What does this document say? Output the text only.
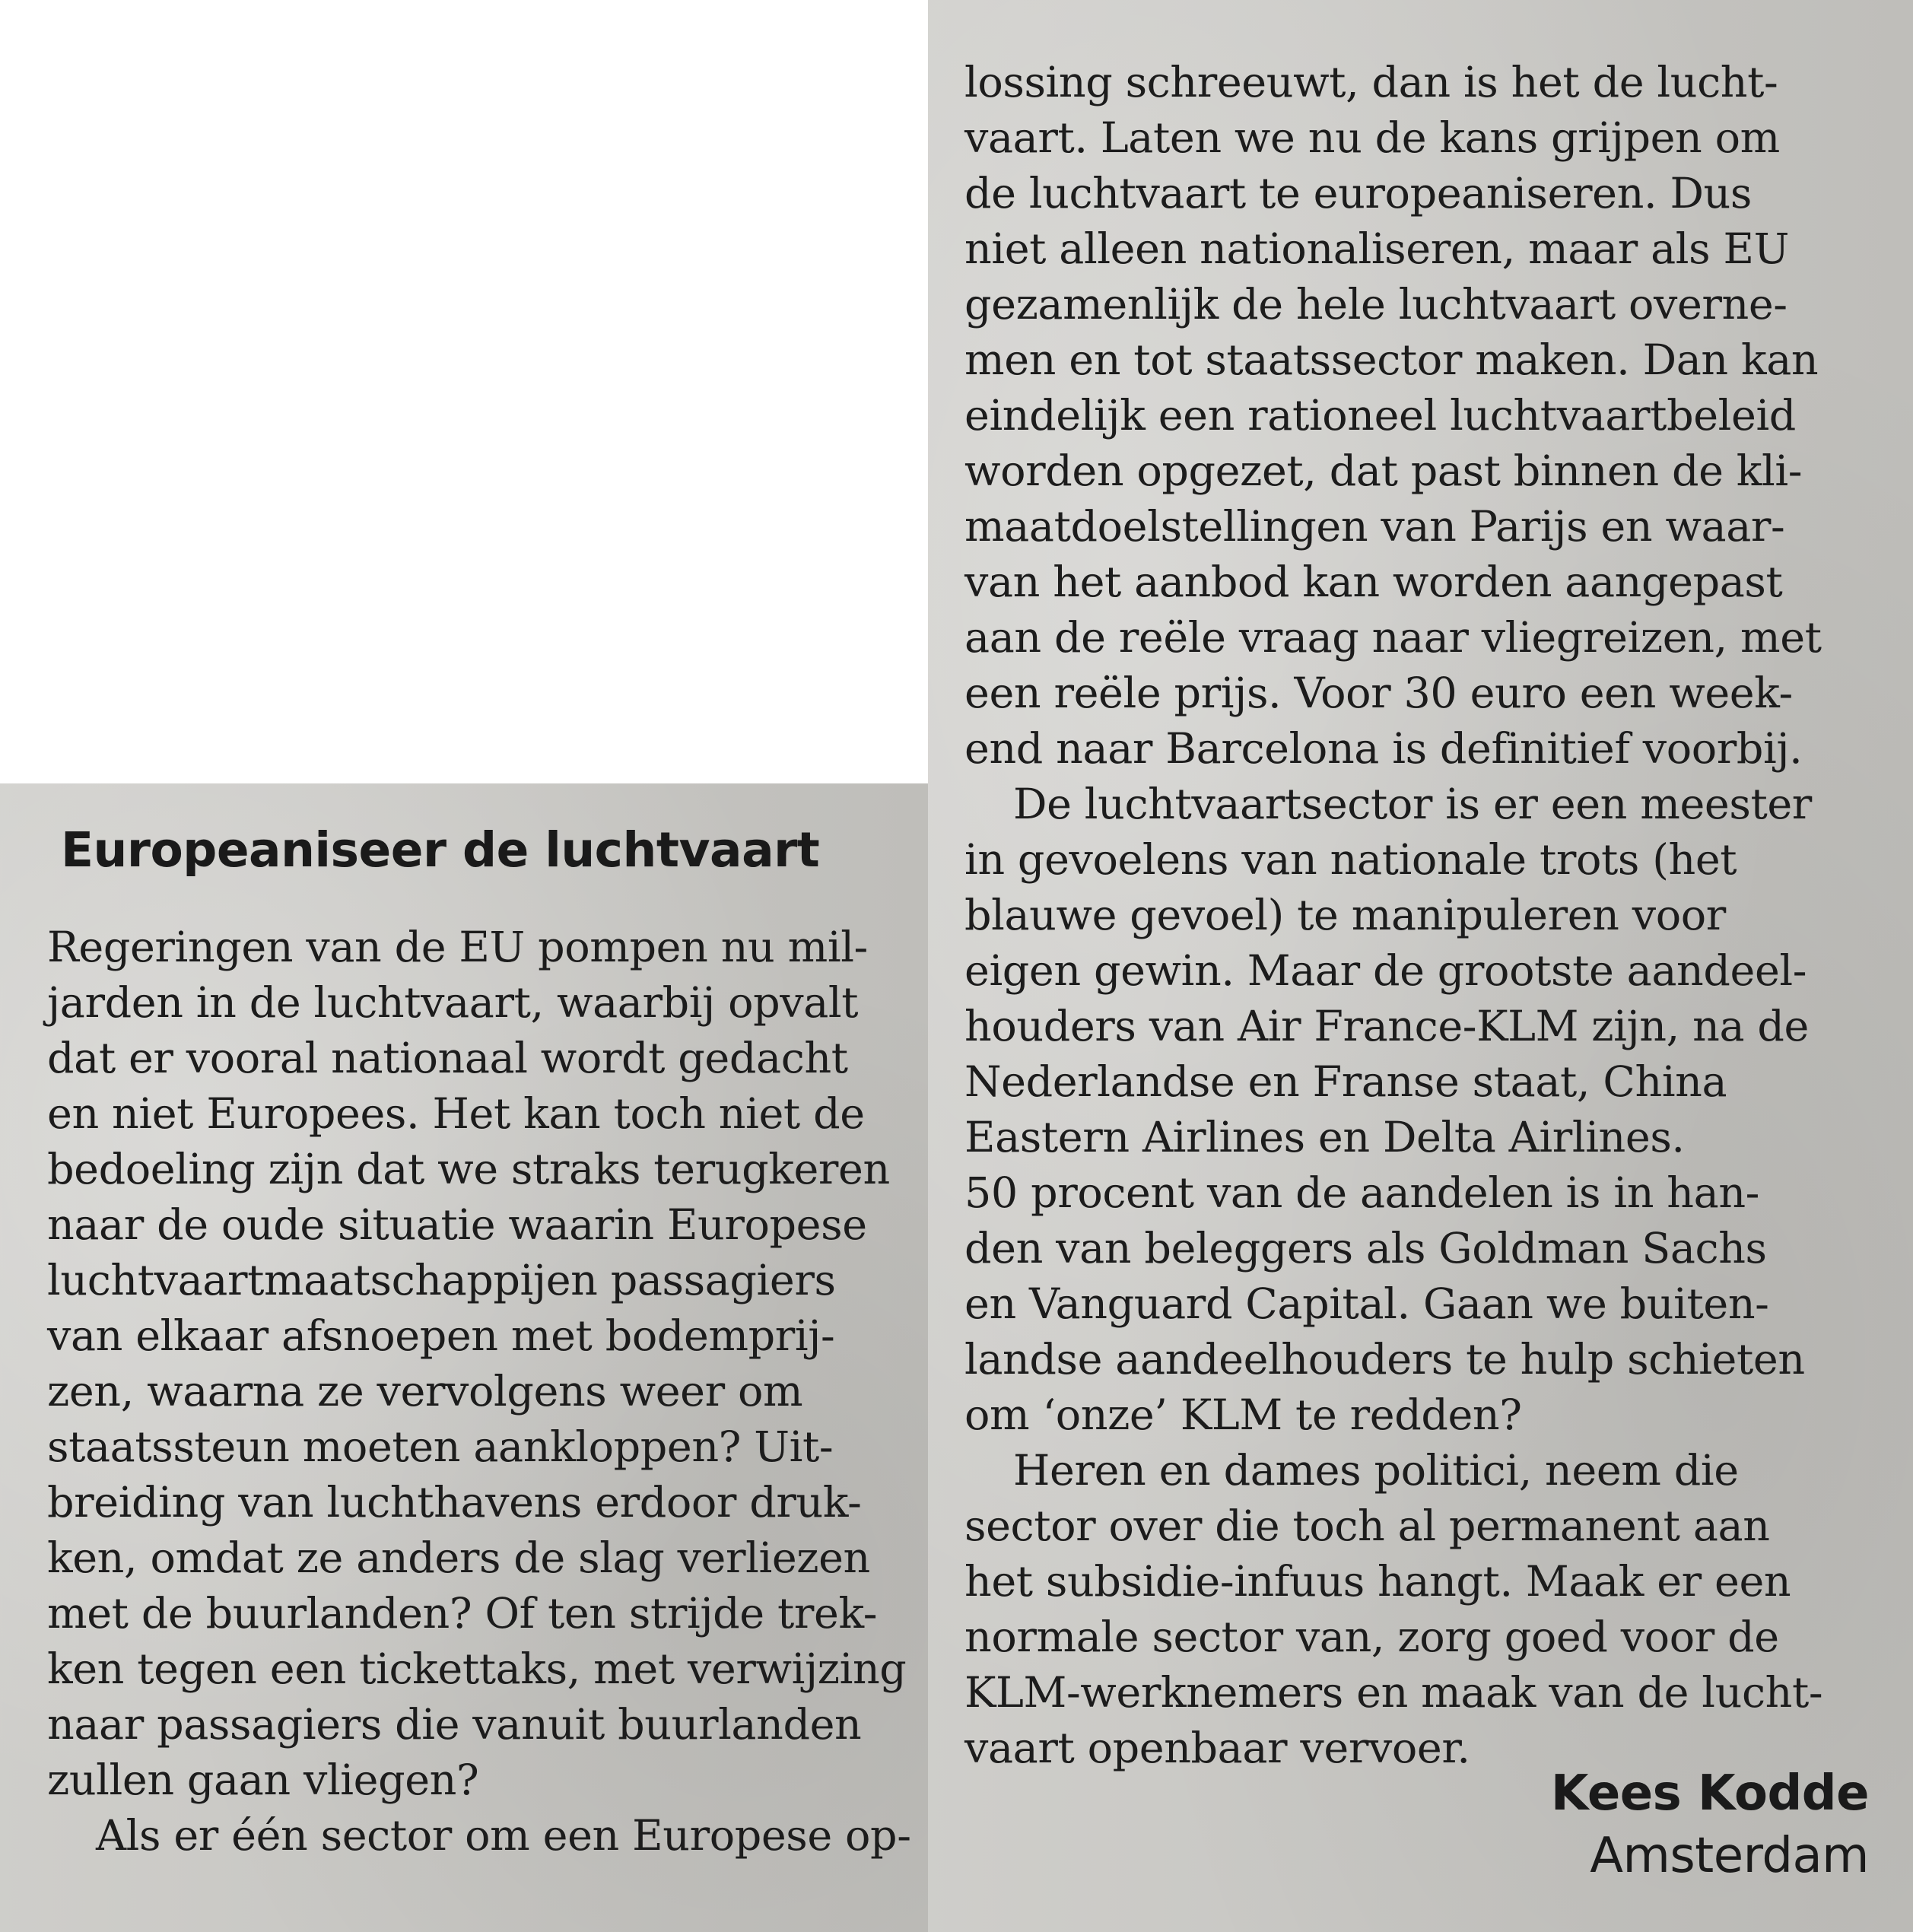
Europeaniseer de luchtvaart
Regeringen van de EU pompen nu mil-
jarden in de luchtvaart, waarbij opvalt
dat er vooral nationaal wordt gedacht
en niet Europees. Het kan toch niet de
bedoeling zijn dat we straks terugkeren
naar de oude situatie waarin Europese
luchtvaartmaatschappijen passagiers
van elkaar afsnoepen met bodemprij-
zen, waarna ze vervolgens weer om
staatssteun moeten aankloppen? Uit-
breiding van luchthavens erdoor druk-
ken, omdat ze anders de slag verliezen
met de buurlanden? Of ten strijde trek-
ken tegen een tickettaks, met verwijzing
naar passagiers die vanuit buurlanden
zullen gaan vliegen?
Als er één sector om een Europese op-
lossing schreeuwt, dan is het de lucht-
vaart. Laten we nu de kans grijpen om
de luchtvaart te europeaniseren. Dus
niet alleen nationaliseren, maar als EU
gezamenlijk de hele luchtvaart overne-
men en tot staatssector maken. Dan kan
eindelijk een rationeel luchtvaartbeleid
worden opgezet, dat past binnen de kli-
maatdoelstellingen van Parijs en waar-
van het aanbod kan worden aangepast
aan de reële vraag naar vliegreizen, met
een reële prijs. Voor 30 euro een week-
end naar Barcelona is definitief voorbij.
De luchtvaartsector is er een meester
in gevoelens van nationale trots (het
blauwe gevoel) te manipuleren voor
eigen gewin. Maar de grootste aandeel-
houders van Air France-KLM zijn, na de
Nederlandse en Franse staat, China
Eastern Airlines en Delta Airlines.
50 procent van de aandelen is in han-
den van beleggers als Goldman Sachs
en Vanguard Capital. Gaan we buiten-
landse aandeelhouders te hulp schieten
om ‘onze’ KLM te redden?
Heren en dames politici, neem die
sector over die toch al permanent aan
het subsidie-infuus hangt. Maak er een
normale sector van, zorg goed voor de
KLM-werknemers en maak van de lucht-
vaart openbaar vervoer.
Kees Kodde
Amsterdam
